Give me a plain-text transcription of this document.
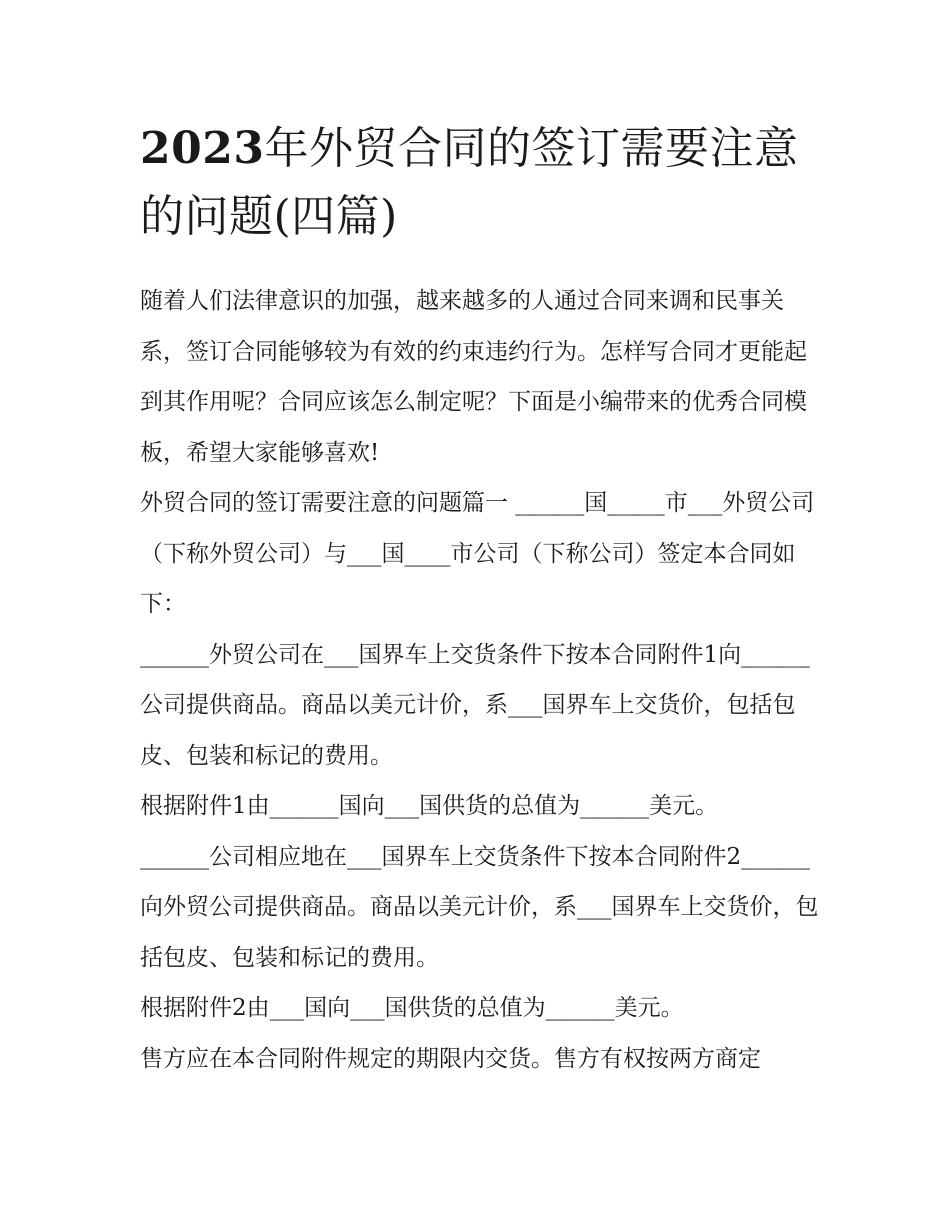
2023年外贸合同的签订需要注意的问题(四篇)

随着人们法律意识的加强，越来越多的人通过合同来调和民事关系，签订合同能够较为有效的约束违约行为。怎样写合同才更能起到其作用呢？合同应该怎么制定呢？下面是小编带来的优秀合同模板，希望大家能够喜欢!

外贸合同的签订需要注意的问题篇一 ______国_____市___外贸公司（下称外贸公司）与___国____市公司（下称公司）签定本合同如下：

______外贸公司在___国界车上交货条件下按本合同附件1向______公司提供商品。商品以美元计价，系___国界车上交货价，包括包皮、包装和标记的费用。

根据附件1由______国向___国供货的总值为______美元。

______公司相应地在___国界车上交货条件下按本合同附件2______向外贸公司提供商品。商品以美元计价，系___国界车上交货价，包括包皮、包装和标记的费用。

根据附件2由___国向___国供货的总值为______美元。

售方应在本合同附件规定的期限内交货。售方有权按两方商定
